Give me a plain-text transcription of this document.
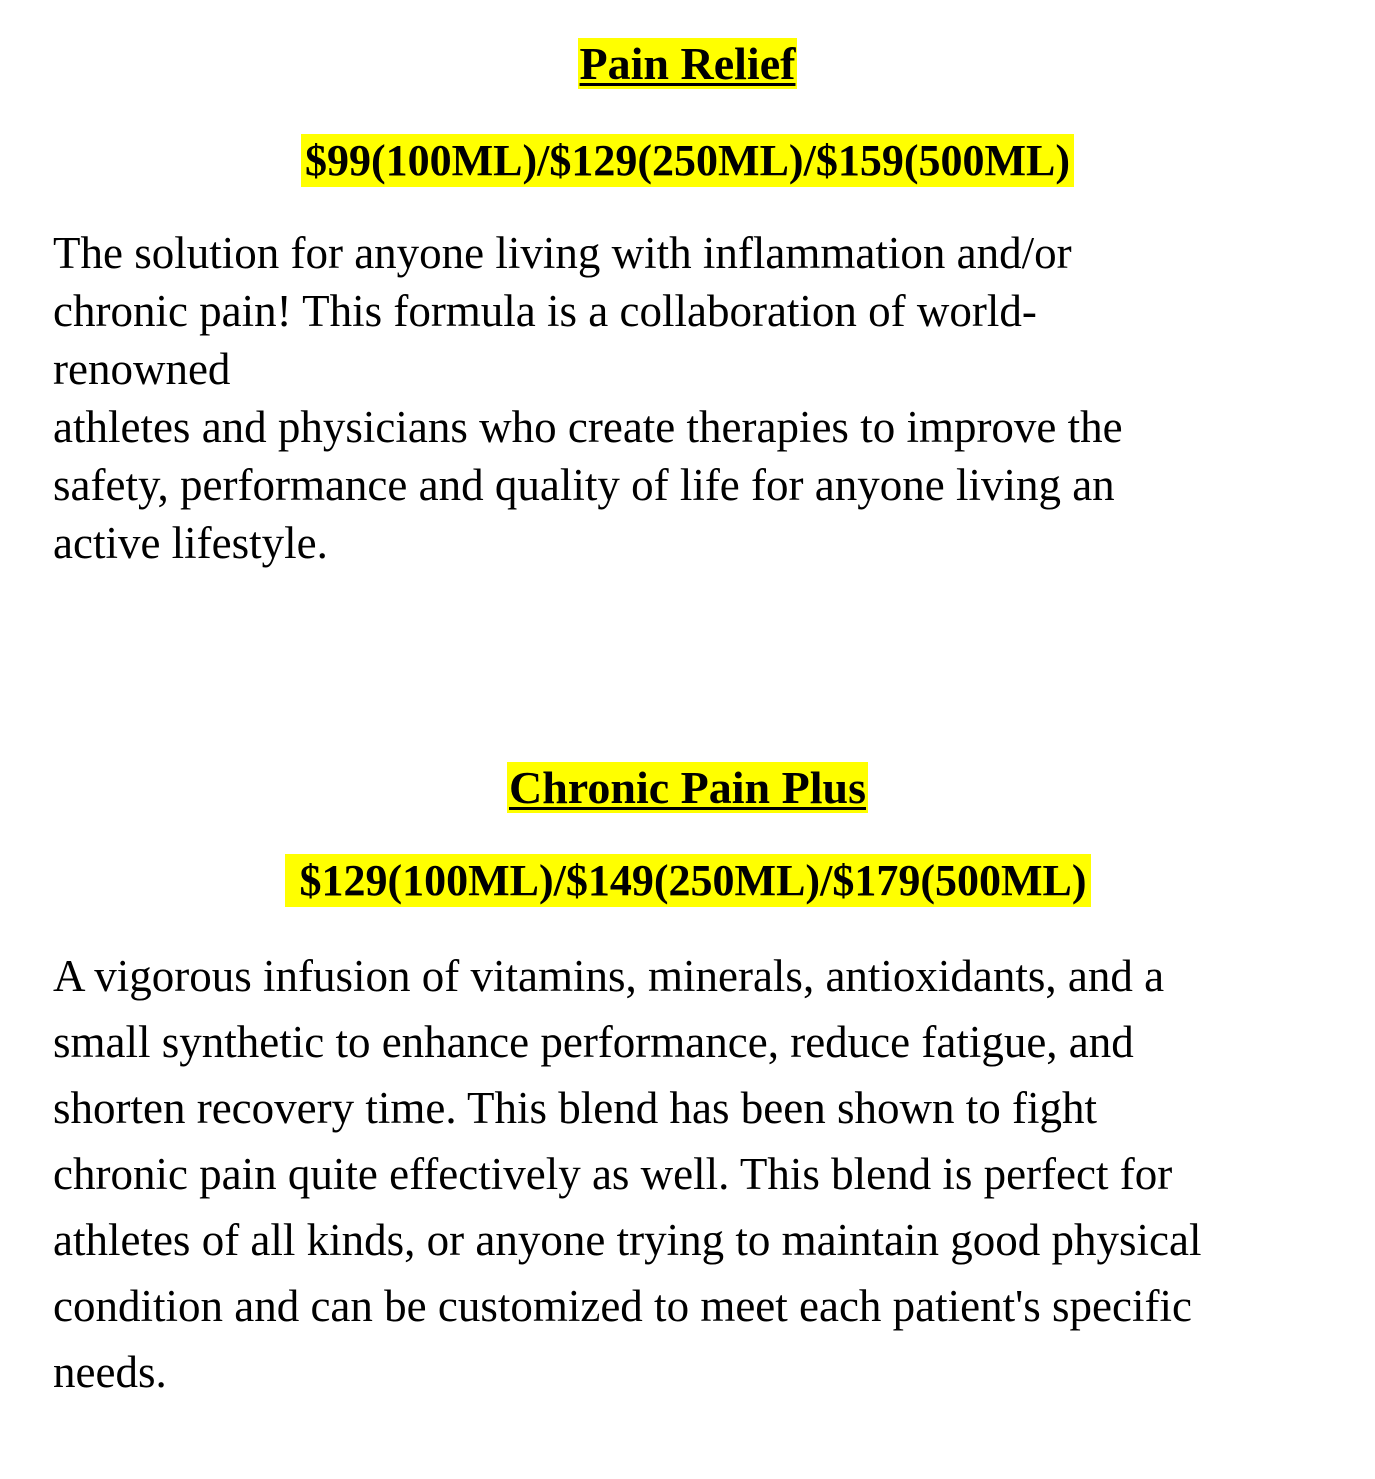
Pain Relief

$99(100ML)/$129(250ML)/$159(500ML)

The solution for anyone living with inflammation and/or
chronic pain! This formula is a collaboration of world-
renowned
athletes and physicians who create therapies to improve the
safety, performance and quality of life for anyone living an
active lifestyle.

Chronic Pain Plus

$129(100ML)/$149(250ML)/$179(500ML)

A vigorous infusion of vitamins, minerals, antioxidants, and a
small synthetic to enhance performance, reduce fatigue, and
shorten recovery time. This blend has been shown to fight
chronic pain quite effectively as well. This blend is perfect for
athletes of all kinds, or anyone trying to maintain good physical
condition and can be customized to meet each patient's specific
needs.
